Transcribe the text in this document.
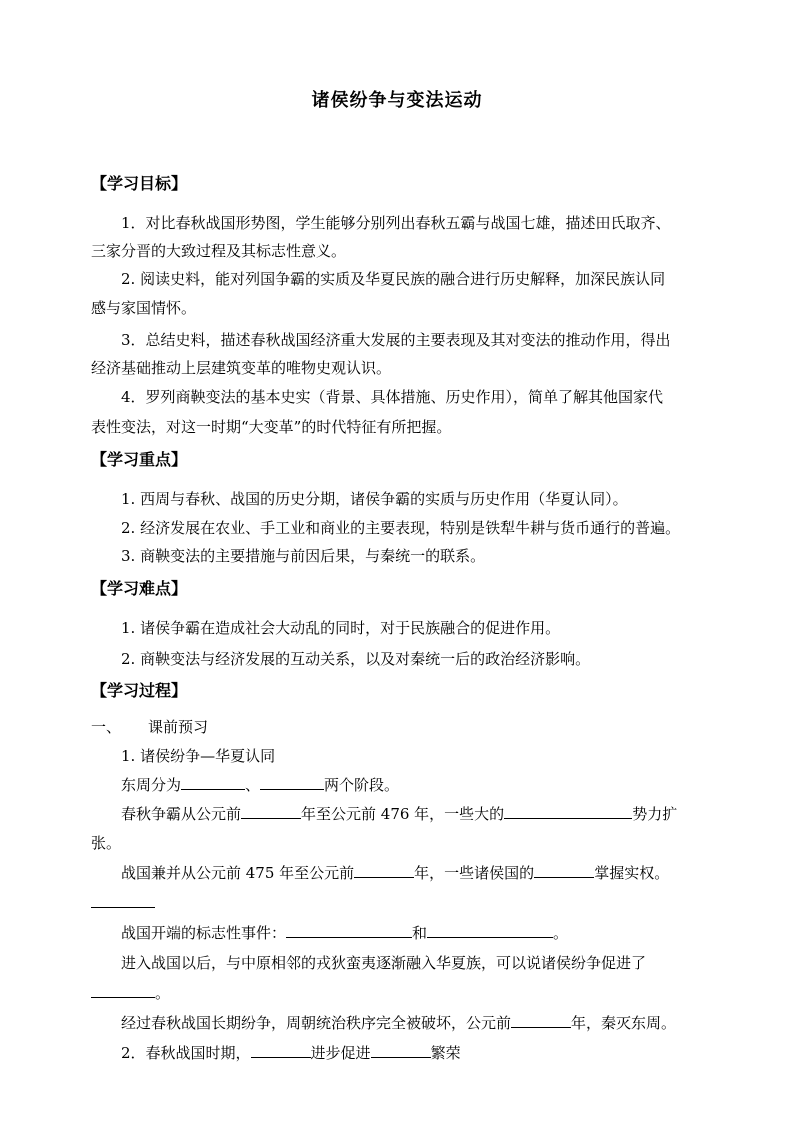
诸侯纷争与变法运动
【学习目标】
1．对比春秋战国形势图，学生能够分别列出春秋五霸与战国七雄，描述田氏取齐、
三家分晋的大致过程及其标志性意义。
2. 阅读史料，能对列国争霸的实质及华夏民族的融合进行历史解释，加深民族认同
感与家国情怀。
3．总结史料，描述春秋战国经济重大发展的主要表现及其对变法的推动作用，得出
经济基础推动上层建筑变革的唯物史观认识。
4．罗列商鞅变法的基本史实（背景、具体措施、历史作用），简单了解其他国家代
表性变法，对这一时期“大变革”的时代特征有所把握。
【学习重点】
1. 西周与春秋、战国的历史分期，诸侯争霸的实质与历史作用（华夏认同）。
2. 经济发展在农业、手工业和商业的主要表现，特别是铁犁牛耕与货币通行的普遍。
3. 商鞅变法的主要措施与前因后果，与秦统一的联系。
【学习难点】
1. 诸侯争霸在造成社会大动乱的同时，对于民族融合的促进作用。
2. 商鞅变法与经济发展的互动关系，以及对秦统一后的政治经济影响。
【学习过程】
一、 课前预习
1. 诸侯纷争—华夏认同
东周分为	、	两个阶段。
春秋争霸从公元前	年至公元前 476 年，一些大的	势力扩
张。
战国兼并从公元前 475 年至公元前	年，一些诸侯国的	掌握实权。
战国开端的标志性事件：	和	。
进入战国以后，与中原相邻的戎狄蛮夷逐渐融入华夏族，可以说诸侯纷争促进了
。
经过春秋战国长期纷争，周朝统治秩序完全被破坏，公元前	年，秦灭东周。
2．春秋战国时期，	进步促进	繁荣
